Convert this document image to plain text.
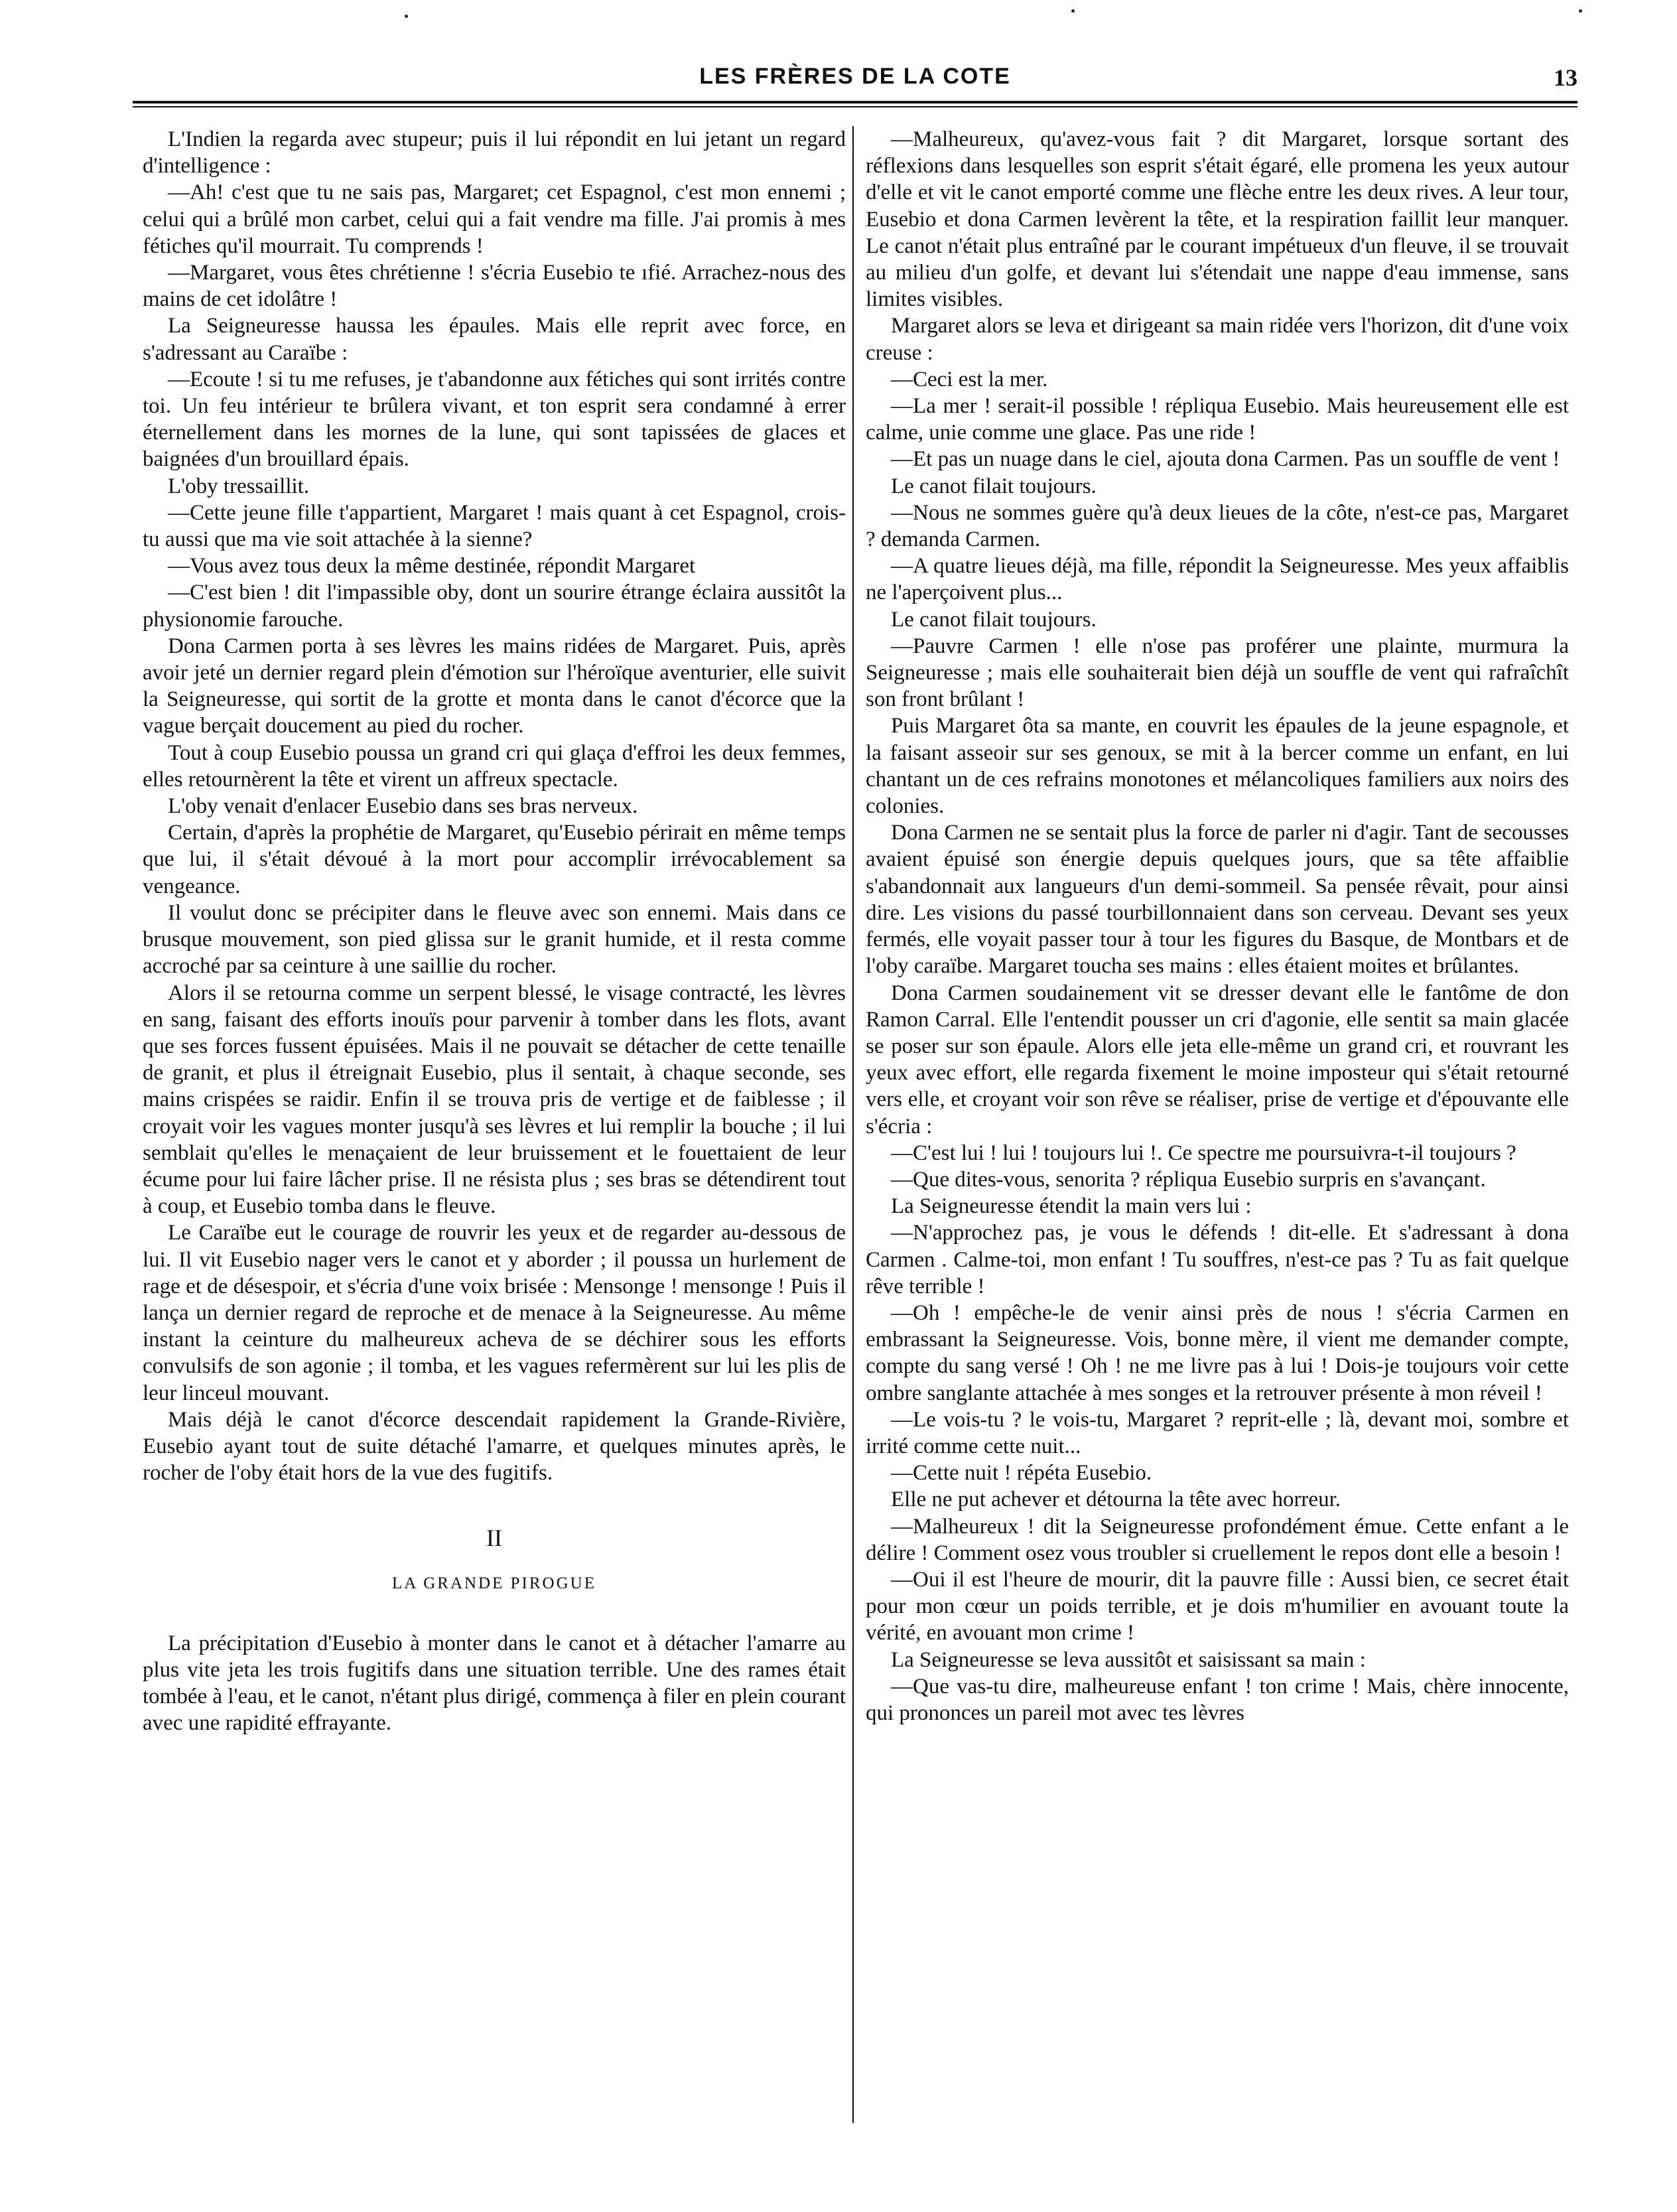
LES FRÈRES DE LA COTE	13

L'Indien la regarda avec stupeur; puis il lui répondit en lui jetant un regard d'intelligence :

—Ah! c'est que tu ne sais pas, Margaret; cet Espagnol, c'est mon ennemi ; celui qui a brûlé mon carbet, celui qui a fait vendre ma fille. J'ai promis à mes fétiches qu'il mourrait. Tu comprends !

—Margaret, vous êtes chrétienne ! s'écria Eusebio te ıfié. Arrachez-nous des mains de cet idolâtre !

La Seigneuresse haussa les épaules. Mais elle reprit avec force, en s'adressant au Caraïbe :

—Ecoute ! si tu me refuses, je t'abandonne aux fétiches qui sont irrités contre toi. Un feu intérieur te brûlera vivant, et ton esprit sera condamné à errer éternellement dans les mornes de la lune, qui sont tapissées de glaces et baignées d'un brouillard épais.

L'oby tressaillit.

—Cette jeune fille t'appartient, Margaret ! mais quant à cet Espagnol, crois-tu aussi que ma vie soit attachée à la sienne?

—Vous avez tous deux la même destinée, répondit Margaret

—C'est bien ! dit l'impassible oby, dont un sourire étrange éclaira aussitôt la physionomie farouche.

Dona Carmen porta à ses lèvres les mains ridées de Margaret. Puis, après avoir jeté un dernier regard plein d'émotion sur l'héroïque aventurier, elle suivit la Seigneuresse, qui sortit de la grotte et monta dans le canot d'écorce que la vague berçait doucement au pied du rocher.

Tout à coup Eusebio poussa un grand cri qui glaça d'effroi les deux femmes, elles retournèrent la tête et virent un affreux spectacle.

L'oby venait d'enlacer Eusebio dans ses bras nerveux.

Certain, d'après la prophétie de Margaret, qu'Eusebio périrait en même temps que lui, il s'était dévoué à la mort pour accomplir irrévocablement sa vengeance.

Il voulut donc se précipiter dans le fleuve avec son ennemi. Mais dans ce brusque mouvement, son pied glissa sur le granit humide, et il resta comme accroché par sa ceinture à une saillie du rocher.

Alors il se retourna comme un serpent blessé, le visage contracté, les lèvres en sang, faisant des efforts inouïs pour parvenir à tomber dans les flots, avant que ses forces fussent épuisées. Mais il ne pouvait se détacher de cette tenaille de granit, et plus il étreignait Eusebio, plus il sentait, à chaque seconde, ses mains crispées se raidir. Enfin il se trouva pris de vertige et de faiblesse ; il croyait voir les vagues monter jusqu'à ses lèvres et lui remplir la bouche ; il lui semblait qu'elles le menaçaient de leur bruissement et le fouettaient de leur écume pour lui faire lâcher prise. Il ne résista plus ; ses bras se détendirent tout à coup, et Eusebio tomba dans le fleuve.

Le Caraïbe eut le courage de rouvrir les yeux et de regarder au-dessous de lui. Il vit Eusebio nager vers le canot et y aborder ; il poussa un hurlement de rage et de désespoir, et s'écria d'une voix brisée : Mensonge ! mensonge ! Puis il lança un dernier regard de reproche et de menace à la Seigneuresse. Au même instant la ceinture du malheureux acheva de se déchirer sous les efforts convulsifs de son agonie ; il tomba, et les vagues refermèrent sur lui les plis de leur linceul mouvant.

Mais déjà le canot d'écorce descendait rapidement la Grande-Rivière, Eusebio ayant tout de suite détaché l'amarre, et quelques minutes après, le rocher de l'oby était hors de la vue des fugitifs.

II

LA GRANDE PIROGUE

La précipitation d'Eusebio à monter dans le canot et à détacher l'amarre au plus vite jeta les trois fugitifs dans une situation terrible. Une des rames était tombée à l'eau, et le canot, n'étant plus dirigé, commença à filer en plein courant avec une rapidité effrayante.

—Malheureux, qu'avez-vous fait ? dit Margaret, lorsque sortant des réflexions dans lesquelles son esprit s'était égaré, elle promena les yeux autour d'elle et vit le canot emporté comme une flèche entre les deux rives. A leur tour, Eusebio et dona Carmen levèrent la tête, et la respiration faillit leur manquer. Le canot n'était plus entraîné par le courant impétueux d'un fleuve, il se trouvait au milieu d'un golfe, et devant lui s'étendait une nappe d'eau immense, sans limites visibles.

Margaret alors se leva et dirigeant sa main ridée vers l'horizon, dit d'une voix creuse :

—Ceci est la mer.

—La mer ! serait-il possible ! répliqua Eusebio. Mais heureusement elle est calme, unie comme une glace. Pas une ride !

—Et pas un nuage dans le ciel, ajouta dona Carmen. Pas un souffle de vent !

Le canot filait toujours.

—Nous ne sommes guère qu'à deux lieues de la côte, n'est-ce pas, Margaret ? demanda Carmen.

—A quatre lieues déjà, ma fille, répondit la Seigneuresse. Mes yeux affaiblis ne l'aperçoivent plus...

Le canot filait toujours.

—Pauvre Carmen ! elle n'ose pas proférer une plainte, murmura la Seigneuresse ; mais elle souhaiterait bien déjà un souffle de vent qui rafraîchît son front brûlant !

Puis Margaret ôta sa mante, en couvrit les épaules de la jeune espagnole, et la faisant asseoir sur ses genoux, se mit à la bercer comme un enfant, en lui chantant un de ces refrains monotones et mélancoliques familiers aux noirs des colonies.

Dona Carmen ne se sentait plus la force de parler ni d'agir. Tant de secousses avaient épuisé son énergie depuis quelques jours, que sa tête affaiblie s'abandonnait aux langueurs d'un demi-sommeil. Sa pensée rêvait, pour ainsi dire. Les visions du passé tourbillonnaient dans son cerveau. Devant ses yeux fermés, elle voyait passer tour à tour les figures du Basque, de Montbars et de l'oby caraïbe. Margaret toucha ses mains : elles étaient moites et brûlantes.

Dona Carmen soudainement vit se dresser devant elle le fantôme de don Ramon Carral. Elle l'entendit pousser un cri d'agonie, elle sentit sa main glacée se poser sur son épaule. Alors elle jeta elle-même un grand cri, et rouvrant les yeux avec effort, elle regarda fixement le moine imposteur qui s'était retourné vers elle, et croyant voir son rêve se réaliser, prise de vertige et d'épouvante elle s'écria :

—C'est lui ! lui ! toujours lui !. Ce spectre me poursuivra-t-il toujours ?

—Que dites-vous, senorita ? répliqua Eusebio surpris en s'avançant.

La Seigneuresse étendit la main vers lui :

—N'approchez pas, je vous le défends ! dit-elle. Et s'adressant à dona Carmen . Calme-toi, mon enfant ! Tu souffres, n'est-ce pas ? Tu as fait quelque rêve terrible !

—Oh ! empêche-le de venir ainsi près de nous ! s'écria Carmen en embrassant la Seigneuresse. Vois, bonne mère, il vient me demander compte, compte du sang versé ! Oh ! ne me livre pas à lui ! Dois-je toujours voir cette ombre sanglante attachée à mes songes et la retrouver présente à mon réveil !

—Le vois-tu ? le vois-tu, Margaret ? reprit-elle ; là, devant moi, sombre et irrité comme cette nuit...

—Cette nuit ! répéta Eusebio.

Elle ne put achever et détourna la tête avec horreur.

—Malheureux ! dit la Seigneuresse profondément émue. Cette enfant a le délire ! Comment osez vous troubler si cruellement le repos dont elle a besoin !

—Oui il est l'heure de mourir, dit la pauvre fille : Aussi bien, ce secret était pour mon cœur un poids terrible, et je dois m'humilier en avouant toute la vérité, en avouant mon crime !

La Seigneuresse se leva aussitôt et saisissant sa main :

—Que vas-tu dire, malheureuse enfant ! ton crime ! Mais, chère innocente, qui prononces un pareil mot avec tes lèvres
